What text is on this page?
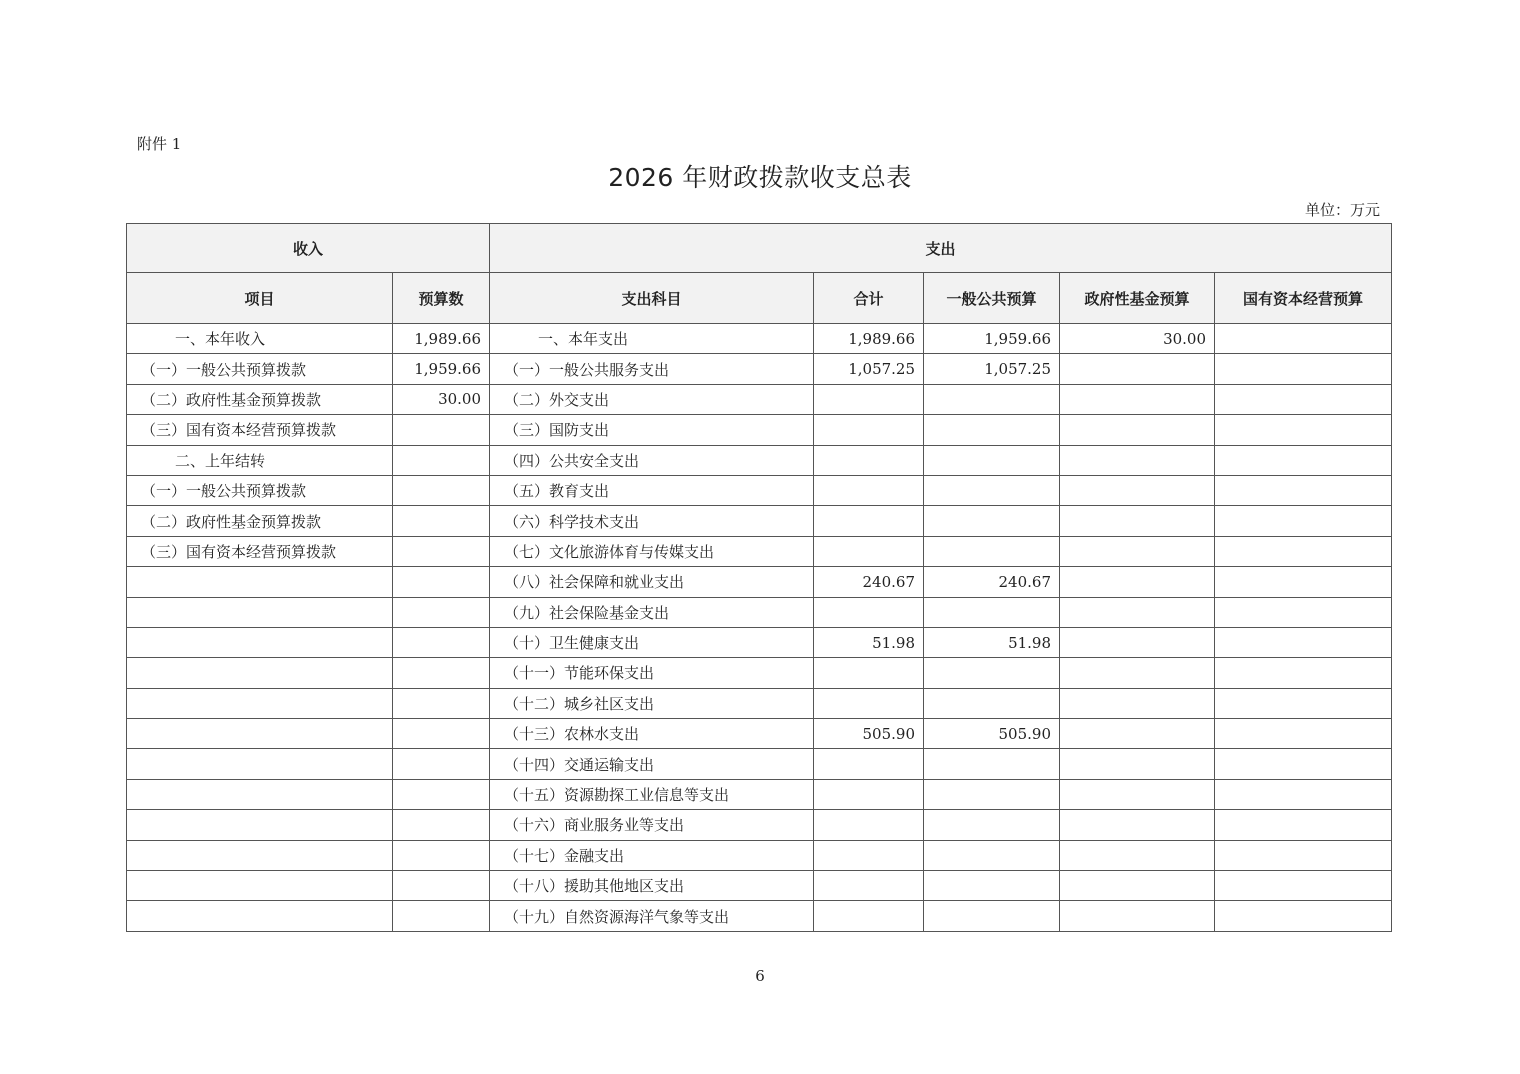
附件 1
2026 年财政拨款收支总表
单位：万元
收入		支出				
项目	预算数	支出科目	合计	一般公共预算	政府性基金预算	国有资本经营预算
一、本年收入	1,989.66	一、本年支出	1,989.66	1,959.66	30.00	
（一）一般公共预算拨款	1,959.66	（一）一般公共服务支出	1,057.25	1,057.25		
（二）政府性基金预算拨款	30.00	（二）外交支出				
（三）国有资本经营预算拨款		（三）国防支出				
二、上年结转		（四）公共安全支出				
（一）一般公共预算拨款		（五）教育支出				
（二）政府性基金预算拨款		（六）科学技术支出				
（三）国有资本经营预算拨款		（七）文化旅游体育与传媒支出				
		（八）社会保障和就业支出	240.67	240.67		
		（九）社会保险基金支出				
		（十）卫生健康支出	51.98	51.98		
		（十一）节能环保支出				
		（十二）城乡社区支出				
		（十三）农林水支出	505.90	505.90		
		（十四）交通运输支出				
		（十五）资源勘探工业信息等支出				
		（十六）商业服务业等支出				
		（十七）金融支出				
		（十八）援助其他地区支出				
		（十九）自然资源海洋气象等支出				
6
